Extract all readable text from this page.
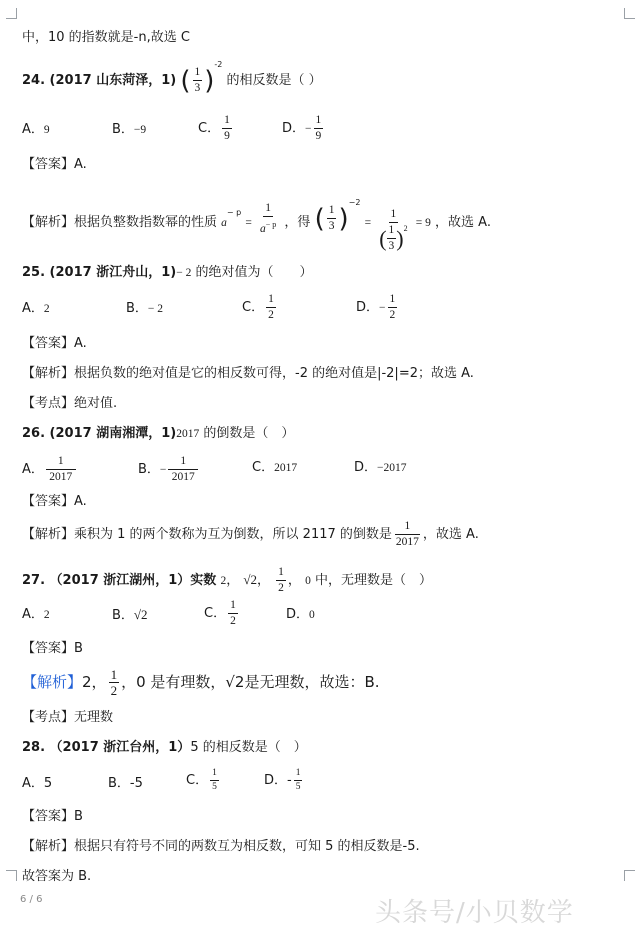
中，10 的指数就是-n,故选 C
24. (2017 山东菏泽，1) ( $\frac{1}{3} )^{-2}$ 的相反数是（ ）
A．9	B．−9	C． $\frac{1}{9}$	D．− $\frac{1}{9}$
【答案】A.
【解析】根据负整数指数幂的性质 $a^{- p} = \frac{1}{a^{- p}}$ ，得 ( $\frac{1}{3} )^{-2} = \frac{1}{( \frac{1}{3} ) 2} = 9$ ，故选 A.
25. (2017 浙江舟山，1)− 2 的绝对值为（　　）
A．2	B．− 2	C． $\frac{1}{2}$	D．− $\frac{1}{2}$
【答案】A.
【解析】根据负数的绝对值是它的相反数可得，-2 的绝对值是|-2|=2；故选 A.
【考点】绝对值.
26. (2017 湖南湘潭，1)2017 的倒数是（　）
A． $\frac{1}{2017}$	B．− $\frac{1}{2017}$	C．2017	D．−2017
【答案】A.
【解析】乘积为 1 的两个数称为互为倒数，所以 2117 的倒数是 $\frac{1}{2017}$ ，故选 A.
27. （2017 浙江湖州，1）实数 2， √2， $\frac{1}{2}$ ， 0 中，无理数是（　）
A．2	B．√2	C． $\frac{1}{2}$	D．0
【答案】B
【解析】2， $\frac{1}{2}$ ，0 是有理数，√2是无理数，故选：B.
【考点】无理数
28. （2017 浙江台州，1）5 的相反数是（　）
A．5	B．-5	C． $\frac{1}{5}$	D．- $\frac{1}{5}$
【答案】B
【解析】根据只有符号不同的两数互为相反数，可知 5 的相反数是-5.
故答案为 B.
6 / 6	头条号/小贝数学
